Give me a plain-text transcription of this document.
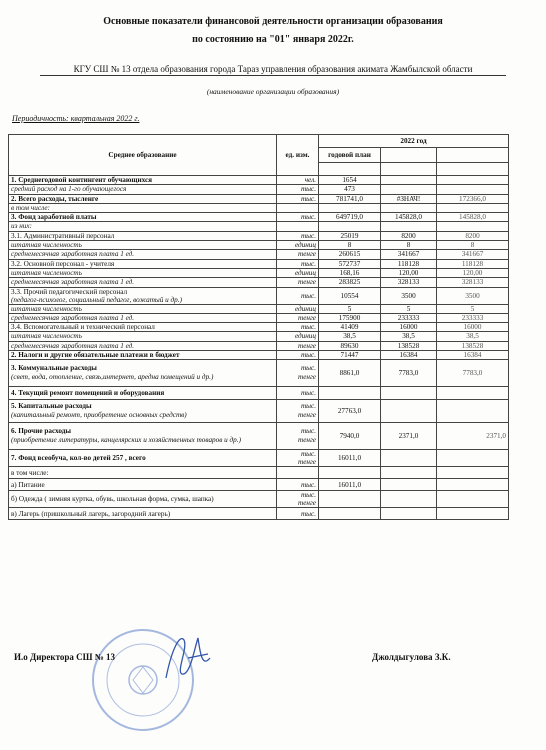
Основные показатели финансовой деятельности организации образования
по состоянию на "01" января 2022г.
КГУ СШ № 13 отдела образования города Тараз управления образования акимата Жамбылской области
(наименование организации образования)
Периодичность: квартальная 2022 г.
Среднее образование	ед. изм.	2022 год		
		годовой план		

1. Среднегодовой контингент обучающихся	чел.	1654		
средний расход на 1-го обучающегося	тыс.	473		
2. Всего расходы, тысленге	тыс.	781741,0	#ЗНАЧ!	172366,0
в том числе:				
3. Фонд заработной платы	тыс.	649719,0	145828,0	145828,0
из них:				
3.1. Административный персонал	тыс.	25019	8200	8200
штатная численность	единиц	8	8	8
среднемесячная заработная плата 1 ед.	тенге	260615	341667	341667
3.2. Основной персонал - учителя	тыс.	572737	118128	118128
штатная численность	единиц	168,16	120,00	120,00
среднемесячная заработная плата 1 ед.	тенге	283825	328133	328133
3.3. Прочий педагогический персонал
(педагог-психолог, социальный педагог, вожатый и др.)	тыс.	10554	3500	3500
штатная численность	единиц	5	5	5
среднемесячная заработная плата 1 ед.	тенге	175900	233333	233333
3.4. Вспомогательный и технический персонал	тыс.	41409	16000	16000
штатная численность	единиц	38,5	38,5	38,5
среднемесячная заработная плата 1 ед.	тенге	89630	138528	138528
2. Налоги и другие обязательные платежи в бюджет	тыс.	71447	16384	16384
3. Коммунальные расходы
(свет, вода, отопление, связь,интернет, аредна помещений и др.)	тыс.
тенге	8861,0	7783,0	7783,0
4. Текущий ремонт помещений и оборудования	тыс.			
5. Капитальные расходы
(капитальный ремонт, приобретение основных средств)	тыс.
тенге	27763,0		
6. Прочие расходы
(приобретение литературы, канцелярских и хозяйственных товаров и др.)	тыс.
тенге	7940,0	2371,0	2371,0
7. Фонд всеобуча, кол-во детей 257 , всего	тыс.
тенге	16011,0		
в том числе:				
а) Питание	тыс.	16011,0		
б) Одежда ( зимняя куртка, обувь, школьная форма, сумка, шапка)	тыс.
тенге			
в) Лагерь (пришкольный лагерь, загородний лагерь)	тыс.			
И.о Директора СШ № 13	Джолдыгулова З.К.
